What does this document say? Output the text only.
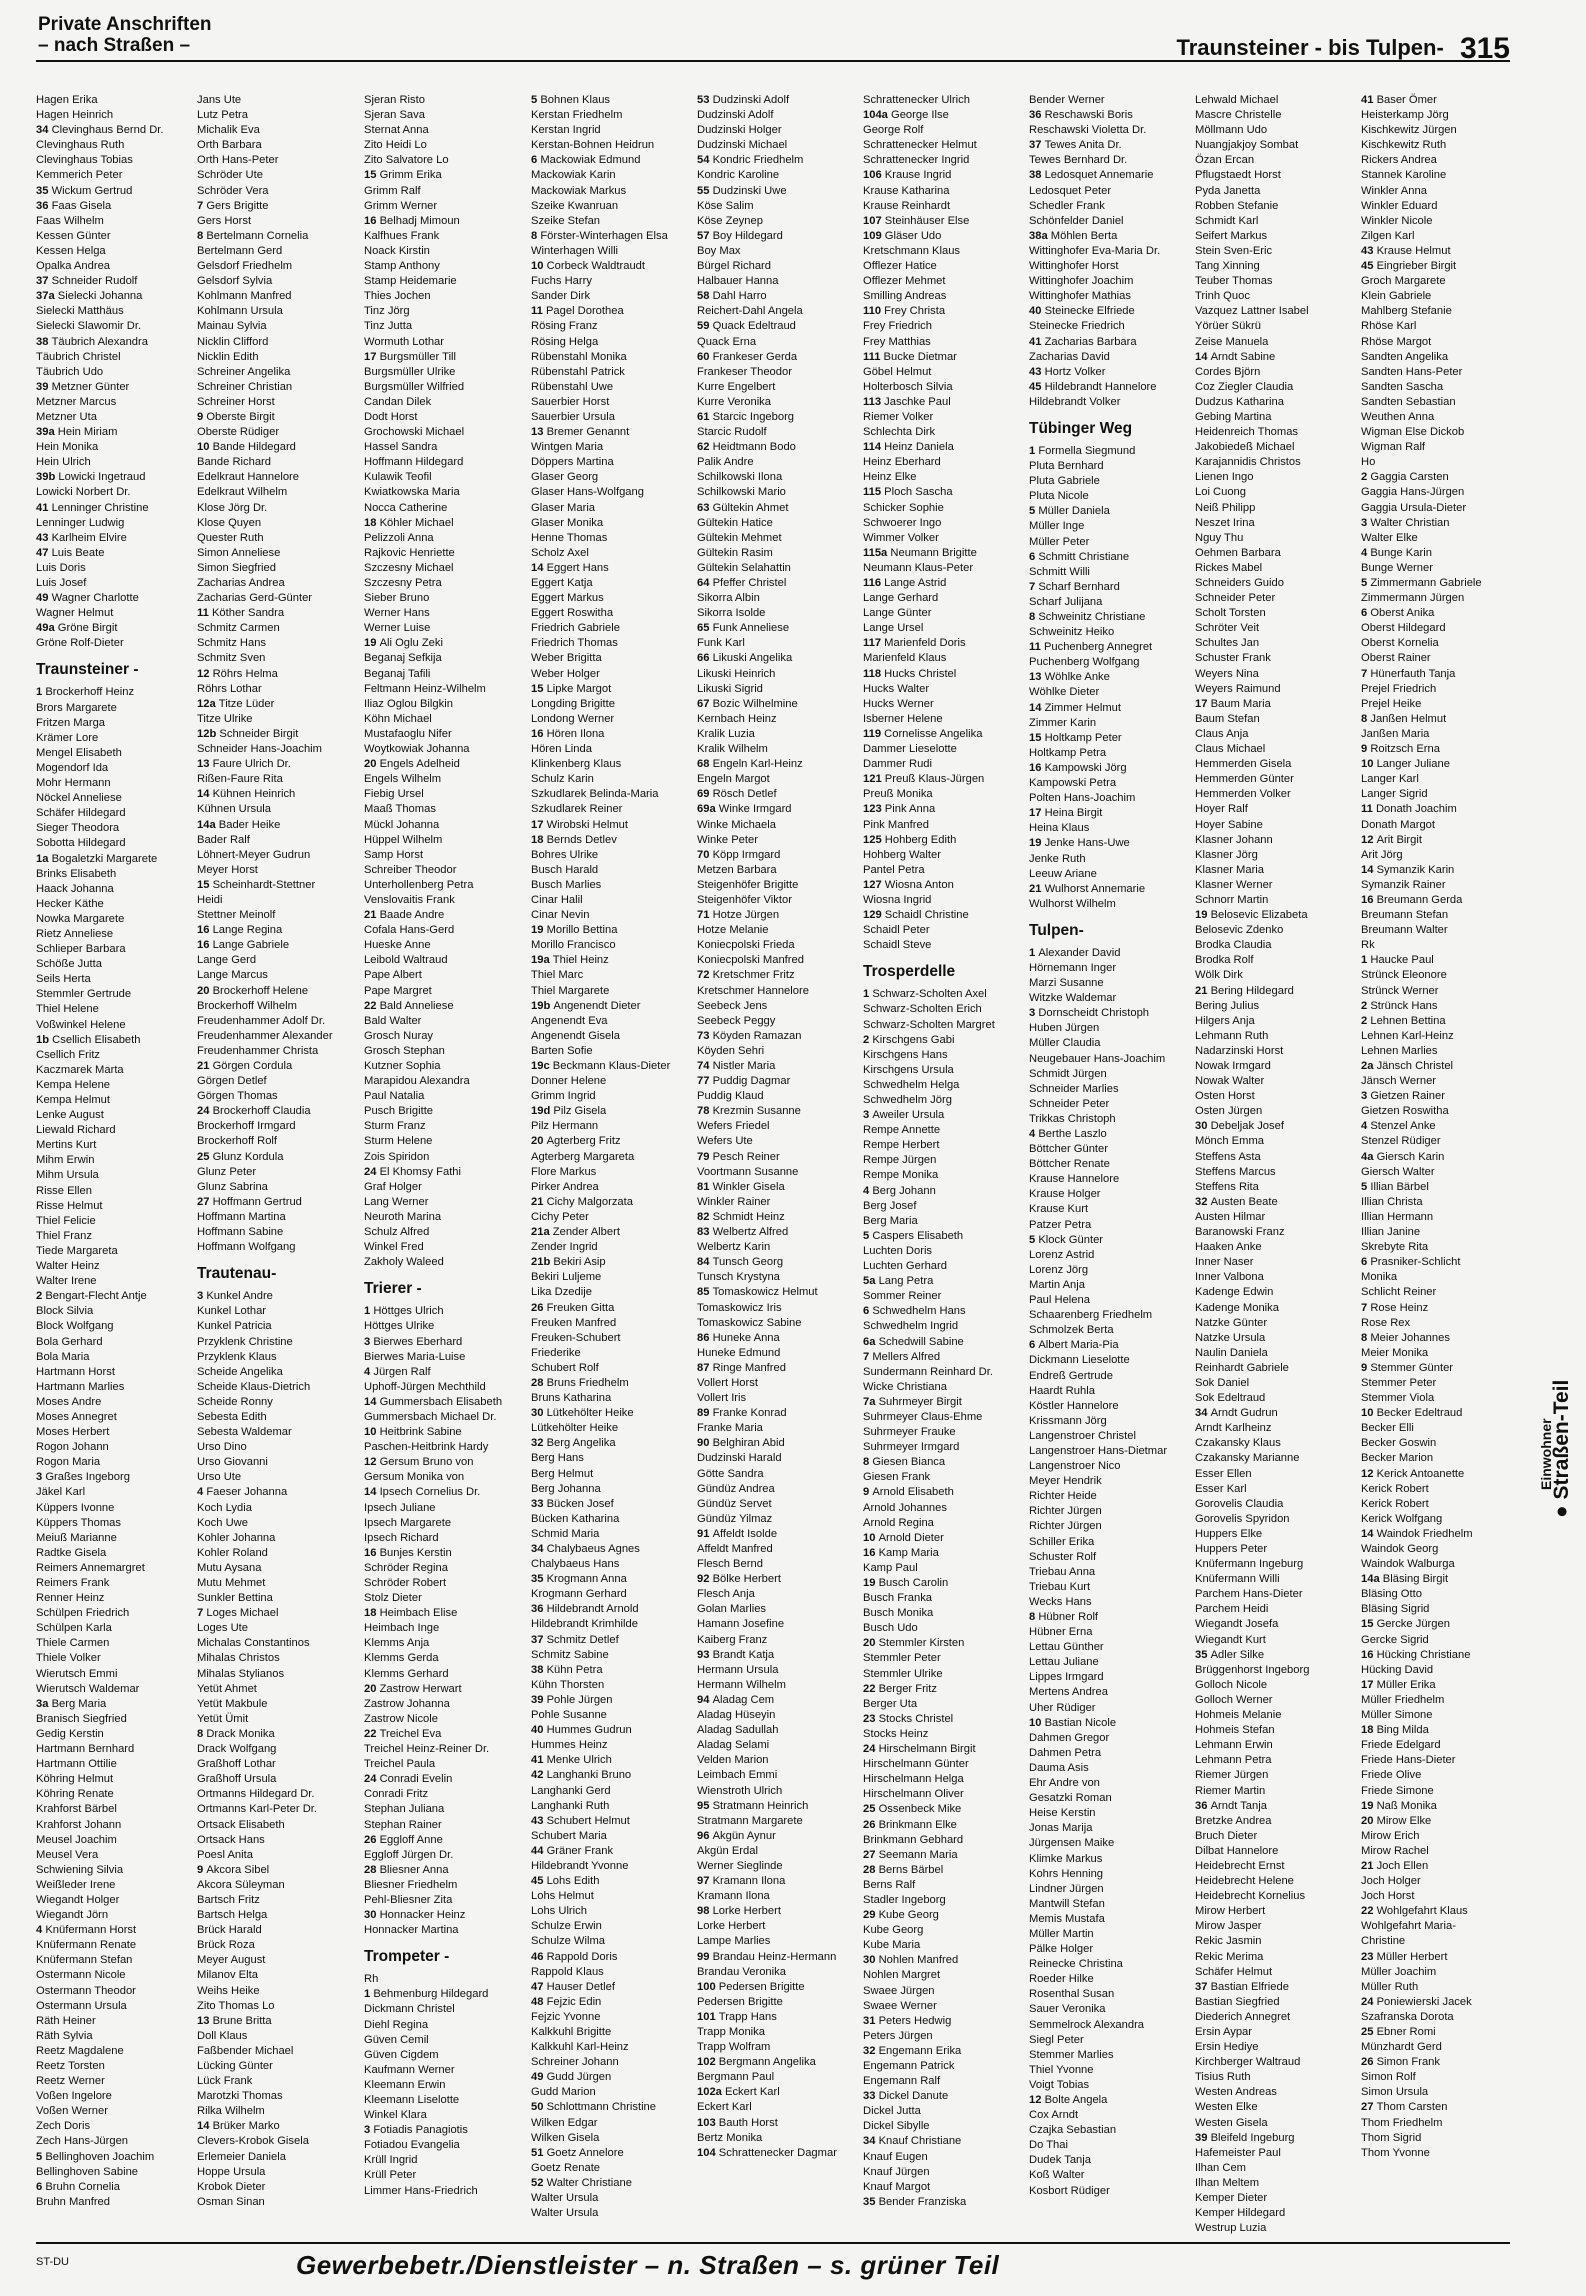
Private Anschriften
– nach Straßen –	Traunsteiner - bis Tulpen- 315
Einwohner
● Straßen-Teil
Hagen Erika
Hagen Heinrich
34 Clevinghaus Bernd Dr.
Clevinghaus Ruth
Clevinghaus Tobias
Kemmerich Peter
35 Wickum Gertrud
36 Faas Gisela
Faas Wilhelm
Kessen Günter
Kessen Helga
Opalka Andrea
37 Schneider Rudolf
37a Sielecki Johanna
Sielecki Matthäus
Sielecki Slawomir Dr.
38 Täubrich Alexandra
Täubrich Christel
Täubrich Udo
39 Metzner Günter
Metzner Marcus
Metzner Uta
39a Hein Miriam
Hein Monika
Hein Ulrich
39b Lowicki Ingetraud
Lowicki Norbert Dr.
41 Lenninger Christine
Lenninger Ludwig
43 Karlheim Elvire
47 Luis Beate
Luis Doris
Luis Josef
49 Wagner Charlotte
Wagner Helmut
49a Gröne Birgit
Gröne Rolf-Dieter
Traunsteiner -
1 Brockerhoff Heinz
Brors Margarete
Fritzen Marga
Krämer Lore
Mengel Elisabeth
Mogendorf Ida
Mohr Hermann
Nöckel Anneliese
Schäfer Hildegard
Sieger Theodora
Sobotta Hildegard
1a Bogaletzki Margarete
Brinks Elisabeth
Haack Johanna
Hecker Käthe
Nowka Margarete
Rietz Anneliese
Schlieper Barbara
Schöße Jutta
Seils Herta
Stemmler Gertrude
Thiel Helene
Voßwinkel Helene
1b Csellich Elisabeth
Csellich Fritz
Kaczmarek Marta
Kempa Helene
Kempa Helmut
Lenke August
Liewald Richard
Mertins Kurt
Mihm Erwin
Mihm Ursula
Risse Ellen
Risse Helmut
Thiel Felicie
Thiel Franz
Tiede Margareta
Walter Heinz
Walter Irene
2 Bengart-Flecht Antje
Block Silvia
Block Wolfgang
Bola Gerhard
Bola Maria
Hartmann Horst
Hartmann Marlies
Moses Andre
Moses Annegret
Moses Herbert
Rogon Johann
Rogon Maria
3 Graßes Ingeborg
Jäkel Karl
Küppers Ivonne
Küppers Thomas
Meiuß Marianne
Radtke Gisela
Reimers Annemargret
Reimers Frank
Renner Heinz
Schülpen Friedrich
Schülpen Karla
Thiele Carmen
Thiele Volker
Wierutsch Emmi
Wierutsch Waldemar
3a Berg Maria
Branisch Siegfried
Gedig Kerstin
Hartmann Bernhard
Hartmann Ottilie
Köhring Helmut
Köhring Renate
Krahforst Bärbel
Krahforst Johann
Meusel Joachim
Meusel Vera
Schwiening Silvia
Weißleder Irene
Wiegandt Holger
Wiegandt Jörn
4 Knüfermann Horst
Knüfermann Renate
Knüfermann Stefan
Ostermann Nicole
Ostermann Theodor
Ostermann Ursula
Räth Heiner
Räth Sylvia
Reetz Magdalene
Reetz Torsten
Reetz Werner
Voßen Ingelore
Voßen Werner
Zech Doris
Zech Hans-Jürgen
5 Bellinghoven Joachim
Bellinghoven Sabine
6 Bruhn Cornelia
Bruhn Manfred
Jans Ute
Lutz Petra
Michalik Eva
Orth Barbara
Orth Hans-Peter
Schröder Ute
Schröder Vera
7 Gers Brigitte
Gers Horst
8 Bertelmann Cornelia
Bertelmann Gerd
Gelsdorf Friedhelm
Gelsdorf Sylvia
Kohlmann Manfred
Kohlmann Ursula
Mainau Sylvia
Nicklin Clifford
Nicklin Edith
Schreiner Angelika
Schreiner Christian
Schreiner Horst
9 Oberste Birgit
Oberste Rüdiger
10 Bande Hildegard
Bande Richard
Edelkraut Hannelore
Edelkraut Wilhelm
Klose Jörg Dr.
Klose Quyen
Quester Ruth
Simon Anneliese
Simon Siegfried
Zacharias Andrea
Zacharias Gerd-Günter
11 Köther Sandra
Schmitz Carmen
Schmitz Hans
Schmitz Sven
12 Röhrs Helma
Röhrs Lothar
12a Titze Lüder
Titze Ulrike
12b Schneider Birgit
Schneider Hans-Joachim
13 Faure Ulrich Dr.
Rißen-Faure Rita
14 Kühnen Heinrich
Kühnen Ursula
14a Bader Heike
Bader Ralf
Löhnert-Meyer Gudrun
Meyer Horst
15 Scheinhardt-Stettner
Heidi
Stettner Meinolf
16 Lange Regina
16 Lange Gabriele
Lange Gerd
Lange Marcus
20 Brockerhoff Helene
Brockerhoff Wilhelm
Freudenhammer Adolf Dr.
Freudenhammer Alexander
Freudenhammer Christa
21 Görgen Cordula
Görgen Detlef
Görgen Thomas
24 Brockerhoff Claudia
Brockerhoff Irmgard
Brockerhoff Rolf
25 Glunz Kordula
Glunz Peter
Glunz Sabrina
27 Hoffmann Gertrud
Hoffmann Martina
Hoffmann Sabine
Hoffmann Wolfgang
Trautenau-
3 Kunkel Andre
Kunkel Lothar
Kunkel Patricia
Przyklenk Christine
Przyklenk Klaus
Scheide Angelika
Scheide Klaus-Dietrich
Scheide Ronny
Sebesta Edith
Sebesta Waldemar
Urso Dino
Urso Giovanni
Urso Ute
4 Faeser Johanna
Koch Lydia
Koch Uwe
Kohler Johanna
Kohler Roland
Mutu Aysana
Mutu Mehmet
Sunkler Bettina
7 Loges Michael
Loges Ute
Michalas Constantinos
Mihalas Christos
Mihalas Stylianos
Yetüt Ahmet
Yetüt Makbule
Yetüt Ümit
8 Drack Monika
Drack Wolfgang
Graßhoff Lothar
Graßhoff Ursula
Ortmanns Hildegard Dr.
Ortmanns Karl-Peter Dr.
Ortsack Elisabeth
Ortsack Hans
Poesl Anita
9 Akcora Sibel
Akcora Süleyman
Bartsch Fritz
Bartsch Helga
Brück Harald
Brück Roza
Meyer August
Milanov Elta
Weihs Heike
Zito Thomas Lo
13 Brune Britta
Doll Klaus
Faßbender Michael
Lücking Günter
Lück Frank
Marotzki Thomas
Rilka Wilhelm
14 Brüker Marko
Clevers-Krobok Gisela
Erlemeier Daniela
Hoppe Ursula
Krobok Dieter
Osman Sinan
Sjeran Risto
Sjeran Sava
Sternat Anna
Zito Heidi Lo
Zito Salvatore Lo
15 Grimm Erika
Grimm Ralf
Grimm Werner
16 Belhadj Mimoun
Kalfhues Frank
Noack Kirstin
Stamp Anthony
Stamp Heidemarie
Thies Jochen
Tinz Jörg
Tinz Jutta
Wormuth Lothar
17 Burgsmüller Till
Burgsmüller Ulrike
Burgsmüller Wilfried
Candan Dilek
Dodt Horst
Grochowski Michael
Hassel Sandra
Hoffmann Hildegard
Kulawik Teofil
Kwiatkowska Maria
Nocca Catherine
18 Köhler Michael
Pelizzoli Anna
Rajkovic Henriette
Szczesny Michael
Szczesny Petra
Sieber Bruno
Werner Hans
Werner Luise
19 Ali Oglu Zeki
Beganaj Sefkija
Beganaj Tafili
Feltmann Heinz-Wilhelm
Iliaz Oglou Bilgkin
Köhn Michael
Mustafaoglu Nifer
Woytkowiak Johanna
20 Engels Adelheid
Engels Wilhelm
Fiebig Ursel
Maaß Thomas
Mückl Johanna
Hüppel Wilhelm
Samp Horst
Schreiber Theodor
Unterhollenberg Petra
Venslovaitis Frank
21 Baade Andre
Cofala Hans-Gerd
Hueske Anne
Leibold Waltraud
Pape Albert
Pape Margret
22 Bald Anneliese
Bald Walter
Grosch Nuray
Grosch Stephan
Kutzner Sophia
Marapidou Alexandra
Paul Natalia
Pusch Brigitte
Sturm Franz
Sturm Helene
Zois Spiridon
24 El Khomsy Fathi
Graf Holger
Lang Werner
Neuroth Marina
Schulz Alfred
Winkel Fred
Zakholy Waleed
Trierer -
1 Höttges Ulrich
Höttges Ulrike
3 Bierwes Eberhard
Bierwes Maria-Luise
4 Jürgen Ralf
Uphoff-Jürgen Mechthild
14 Gummersbach Elisabeth
Gummersbach Michael Dr.
10 Heitbrink Sabine
Paschen-Heitbrink Hardy
12 Gersum Bruno von
Gersum Monika von
14 Ipsech Cornelius Dr.
Ipsech Juliane
Ipsech Margarete
Ipsech Richard
16 Bunjes Kerstin
Schröder Regina
Schröder Robert
Stolz Dieter
18 Heimbach Elise
Heimbach Inge
Klemms Anja
Klemms Gerda
Klemms Gerhard
20 Zastrow Herwart
Zastrow Johanna
Zastrow Nicole
22 Treichel Eva
Treichel Heinz-Reiner Dr.
Treichel Paula
24 Conradi Evelin
Conradi Fritz
Stephan Juliana
Stephan Rainer
26 Eggloff Anne
Eggloff Jürgen Dr.
28 Bliesner Anna
Bliesner Friedhelm
Pehl-Bliesner Zita
30 Honnacker Heinz
Honnacker Martina
Trompeter -
Rh
1 Behmenburg Hildegard
Dickmann Christel
Diehl Regina
Güven Cemil
Güven Cigdem
Kaufmann Werner
Kleemann Erwin
Kleemann Liselotte
Winkel Klara
3 Fotiadis Panagiotis
Fotiadou Evangelia
Krüll Ingrid
Krüll Peter
Limmer Hans-Friedrich
5 Bohnen Klaus
Kerstan Friedhelm
Kerstan Ingrid
Kerstan-Bohnen Heidrun
6 Mackowiak Edmund
Mackowiak Karin
Mackowiak Markus
Szeike Kwanruan
Szeike Stefan
8 Förster-Winterhagen Elsa
Winterhagen Willi
10 Corbeck Waldtraudt
Fuchs Harry
Sander Dirk
11 Pagel Dorothea
Rösing Franz
Rösing Helga
Rübenstahl Monika
Rübenstahl Patrick
Rübenstahl Uwe
Sauerbier Horst
Sauerbier Ursula
13 Bremer Genannt
Wintgen Maria
Döppers Martina
Glaser Georg
Glaser Hans-Wolfgang
Glaser Maria
Glaser Monika
Henne Thomas
Scholz Axel
14 Eggert Hans
Eggert Katja
Eggert Markus
Eggert Roswitha
Friedrich Gabriele
Friedrich Thomas
Weber Brigitta
Weber Holger
15 Lipke Margot
Longding Brigitte
Londong Werner
16 Hören Ilona
Hören Linda
Klinkenberg Klaus
Schulz Karin
Szkudlarek Belinda-Maria
Szkudlarek Reiner
17 Wirobski Helmut
18 Bernds Detlev
Bohres Ulrike
Busch Harald
Busch Marlies
Cinar Halil
Cinar Nevin
19 Morillo Bettina
Morillo Francisco
19a Thiel Heinz
Thiel Marc
Thiel Margarete
19b Angenendt Dieter
Angenendt Eva
Angenendt Gisela
Barten Sofie
19c Beckmann Klaus-Dieter
Donner Helene
Grimm Ingrid
19d Pilz Gisela
Pilz Hermann
20 Agterberg Fritz
Agterberg Margareta
Flore Markus
Pirker Andrea
21 Cichy Malgorzata
Cichy Peter
21a Zender Albert
Zender Ingrid
21b Bekiri Asip
Bekiri Luljeme
Lika Dzedije
26 Freuken Gitta
Freuken Manfred
Freuken-Schubert
Friederike
Schubert Rolf
28 Bruns Friedhelm
Bruns Katharina
30 Lütkehölter Heike
Lütkehölter Heike
32 Berg Angelika
Berg Hans
Berg Helmut
Berg Johanna
33 Bücken Josef
Bücken Katharina
Schmid Maria
34 Chalybaeus Agnes
Chalybaeus Hans
35 Krogmann Anna
Krogmann Gerhard
36 Hildebrandt Arnold
Hildebrandt Krimhilde
37 Schmitz Detlef
Schmitz Sabine
38 Kühn Petra
Kühn Thorsten
39 Pohle Jürgen
Pohle Susanne
40 Hummes Gudrun
Hummes Heinz
41 Menke Ulrich
42 Langhanki Bruno
Langhanki Gerd
Langhanki Ruth
43 Schubert Helmut
Schubert Maria
44 Gräner Frank
Hildebrandt Yvonne
45 Lohs Edith
Lohs Helmut
Lohs Ulrich
Schulze Erwin
Schulze Wilma
46 Rappold Doris
Rappold Klaus
47 Hauser Detlef
48 Fejzic Edin
Fejzic Yvonne
Kalkkuhl Brigitte
Kalkkuhl Karl-Heinz
Schreiner Johann
49 Gudd Jürgen
Gudd Marion
50 Schlottmann Christine
Wilken Edgar
Wilken Gisela
51 Goetz Annelore
Goetz Renate
52 Walter Christiane
Walter Ursula
Walter Ursula
53 Dudzinski Adolf
Dudzinski Adolf
Dudzinski Holger
Dudzinski Michael
54 Kondric Friedhelm
Kondric Karoline
55 Dudzinski Uwe
Köse Salim
Köse Zeynep
57 Boy Hildegard
Boy Max
Bürgel Richard
Halbauer Hanna
58 Dahl Harro
Reichert-Dahl Angela
59 Quack Edeltraud
Quack Erna
60 Frankeser Gerda
Frankeser Theodor
Kurre Engelbert
Kurre Veronika
61 Starcic Ingeborg
Starcic Rudolf
62 Heidtmann Bodo
Palik Andre
Schilkowski Ilona
Schilkowski Mario
63 Gültekin Ahmet
Gültekin Hatice
Gültekin Mehmet
Gültekin Rasim
Gültekin Selahattin
64 Pfeffer Christel
Sikorra Albin
Sikorra Isolde
65 Funk Anneliese
Funk Karl
66 Likuski Angelika
Likuski Heinrich
Likuski Sigrid
67 Bozic Wilhelmine
Kernbach Heinz
Kralik Luzia
Kralik Wilhelm
68 Engeln Karl-Heinz
Engeln Margot
69 Rösch Detlef
69a Winke Irmgard
Winke Michaela
Winke Peter
70 Köpp Irmgard
Metzen Barbara
Steigenhöfer Brigitte
Steigenhöfer Viktor
71 Hotze Jürgen
Hotze Melanie
Koniecpolski Frieda
Koniecpolski Manfred
72 Kretschmer Fritz
Kretschmer Hannelore
Seebeck Jens
Seebeck Peggy
73 Köyden Ramazan
Köyden Sehri
74 Nistler Maria
77 Puddig Dagmar
Puddig Klaud
78 Krezmin Susanne
Wefers Friedel
Wefers Ute
79 Pesch Reiner
Voortmann Susanne
81 Winkler Gisela
Winkler Rainer
82 Schmidt Heinz
83 Welbertz Alfred
Welbertz Karin
84 Tunsch Georg
Tunsch Krystyna
85 Tomaskowicz Helmut
Tomaskowicz Iris
Tomaskowicz Sabine
86 Huneke Anna
Huneke Edmund
87 Ringe Manfred
Vollert Horst
Vollert Iris
89 Franke Konrad
Franke Maria
90 Belghiran Abid
Dudzinski Harald
Götte Sandra
Gündüz Andrea
Gündüz Servet
Gündüz Yilmaz
91 Affeldt Isolde
Affeldt Manfred
Flesch Bernd
92 Bölke Herbert
Flesch Anja
Golan Marlies
Hamann Josefine
Kaiberg Franz
93 Brandt Katja
Hermann Ursula
Hermann Wilhelm
94 Aladag Cem
Aladag Hüseyin
Aladag Sadullah
Aladag Selami
Velden Marion
Leimbach Emmi
Wienstroth Ulrich
95 Stratmann Heinrich
Stratmann Margarete
96 Akgün Aynur
Akgün Erdal
Werner Sieglinde
97 Kramann Ilona
Kramann Ilona
98 Lorke Herbert
Lorke Herbert
Lampe Marlies
99 Brandau Heinz-Hermann
Brandau Veronika
100 Pedersen Brigitte
Pedersen Brigitte
101 Trapp Hans
Trapp Monika
Trapp Wolfram
102 Bergmann Angelika
Bergmann Paul
102a Eckert Karl
Eckert Karl
103 Bauth Horst
Bertz Monika
104 Schrattenecker Dagmar
Schrattenecker Ulrich
104a George Ilse
George Rolf
Schrattenecker Helmut
Schrattenecker Ingrid
106 Krause Ingrid
Krause Katharina
Krause Reinhardt
107 Steinhäuser Else
109 Gläser Udo
Kretschmann Klaus
Offlezer Hatice
Offlezer Mehmet
Smilling Andreas
110 Frey Christa
Frey Friedrich
Frey Matthias
111 Bucke Dietmar
Göbel Helmut
Holterbosch Silvia
113 Jaschke Paul
Riemer Volker
Schlechta Dirk
114 Heinz Daniela
Heinz Eberhard
Heinz Elke
115 Ploch Sascha
Schicker Sophie
Schwoerer Ingo
Wimmer Volker
115a Neumann Brigitte
Neumann Klaus-Peter
116 Lange Astrid
Lange Gerhard
Lange Günter
Lange Ursel
117 Marienfeld Doris
Marienfeld Klaus
118 Hucks Christel
Hucks Walter
Hucks Werner
Isberner Helene
119 Cornelisse Angelika
Dammer Lieselotte
Dammer Rudi
121 Preuß Klaus-Jürgen
Preuß Monika
123 Pink Anna
Pink Manfred
125 Hohberg Edith
Hohberg Walter
Pantel Petra
127 Wiosna Anton
Wiosna Ingrid
129 Schaidl Christine
Schaidl Peter
Schaidl Steve
Trosperdelle
1 Schwarz-Scholten Axel
Schwarz-Scholten Erich
Schwarz-Scholten Margret
2 Kirschgens Gabi
Kirschgens Hans
Kirschgens Ursula
Schwedhelm Helga
Schwedhelm Jörg
3 Aweiler Ursula
Rempe Annette
Rempe Herbert
Rempe Jürgen
Rempe Monika
4 Berg Johann
Berg Josef
Berg Maria
5 Caspers Elisabeth
Luchten Doris
Luchten Gerhard
5a Lang Petra
Sommer Reiner
6 Schwedhelm Hans
Schwedhelm Ingrid
6a Schedwill Sabine
7 Mellers Alfred
Sundermann Reinhard Dr.
Wicke Christiana
7a Suhrmeyer Birgit
Suhrmeyer Claus-Ehme
Suhrmeyer Frauke
Suhrmeyer Irmgard
8 Giesen Bianca
Giesen Frank
9 Arnold Elisabeth
Arnold Johannes
Arnold Regina
10 Arnold Dieter
16 Kamp Maria
Kamp Paul
19 Busch Carolin
Busch Franka
Busch Monika
Busch Udo
20 Stemmler Kirsten
Stemmler Peter
Stemmler Ulrike
22 Berger Fritz
Berger Uta
23 Stocks Christel
Stocks Heinz
24 Hirschelmann Birgit
Hirschelmann Günter
Hirschelmann Helga
Hirschelmann Oliver
25 Ossenbeck Mike
26 Brinkmann Elke
Brinkmann Gebhard
27 Seemann Maria
28 Berns Bärbel
Berns Ralf
Stadler Ingeborg
29 Kube Georg
Kube Georg
Kube Maria
30 Nohlen Manfred
Nohlen Margret
Swaee Jürgen
Swaee Werner
31 Peters Hedwig
Peters Jürgen
32 Engemann Erika
Engemann Patrick
Engemann Ralf
33 Dickel Danute
Dickel Jutta
Dickel Sibylle
34 Knauf Christiane
Knauf Eugen
Knauf Jürgen
Knauf Margot
35 Bender Franziska
Bender Werner
36 Reschawski Boris
Reschawski Violetta Dr.
37 Tewes Anita Dr.
Tewes Bernhard Dr.
38 Ledosquet Annemarie
Ledosquet Peter
Schedler Frank
Schönfelder Daniel
38a Möhlen Berta
Wittinghofer Eva-Maria Dr.
Wittinghofer Horst
Wittinghofer Joachim
Wittinghofer Mathias
40 Steinecke Elfriede
Steinecke Friedrich
41 Zacharias Barbara
Zacharias David
43 Hortz Volker
45 Hildebrandt Hannelore
Hildebrandt Volker
Tübinger Weg
1 Formella Siegmund
Pluta Bernhard
Pluta Gabriele
Pluta Nicole
5 Müller Daniela
Müller Inge
Müller Peter
6 Schmitt Christiane
Schmitt Willi
7 Scharf Bernhard
Scharf Julijana
8 Schweinitz Christiane
Schweinitz Heiko
11 Puchenberg Annegret
Puchenberg Wolfgang
13 Wöhlke Anke
Wöhlke Dieter
14 Zimmer Helmut
Zimmer Karin
15 Holtkamp Peter
Holtkamp Petra
16 Kampowski Jörg
Kampowski Petra
Polten Hans-Joachim
17 Heina Birgit
Heina Klaus
19 Jenke Hans-Uwe
Jenke Ruth
Leeuw Ariane
21 Wulhorst Annemarie
Wulhorst Wilhelm
Tulpen-
1 Alexander David
Hörnemann Inger
Marzi Susanne
Witzke Waldemar
3 Dornscheidt Christoph
Huben Jürgen
Müller Claudia
Neugebauer Hans-Joachim
Schmidt Jürgen
Schneider Marlies
Schneider Peter
Trikkas Christoph
4 Berthe Laszlo
Böttcher Günter
Böttcher Renate
Krause Hannelore
Krause Holger
Krause Kurt
Patzer Petra
5 Klock Günter
Lorenz Astrid
Lorenz Jörg
Martin Anja
Paul Helena
Schaarenberg Friedhelm
Schmolzek Berta
6 Albert Maria-Pia
Dickmann Lieselotte
Endreß Gertrude
Haardt Ruhla
Köstler Hannelore
Krissmann Jörg
Langenstroer Christel
Langenstroer Hans-Dietmar
Langenstroer Nico
Meyer Hendrik
Richter Heide
Richter Jürgen
Richter Jürgen
Schiller Erika
Schuster Rolf
Triebau Anna
Triebau Kurt
Wecks Hans
8 Hübner Rolf
Hübner Erna
Lettau Günther
Lettau Juliane
Lippes Irmgard
Mertens Andrea
Uher Rüdiger
10 Bastian Nicole
Dahmen Gregor
Dahmen Petra
Dauma Asis
Ehr Andre von
Gesatzki Roman
Heise Kerstin
Jonas Marija
Jürgensen Maike
Klimke Markus
Kohrs Henning
Lindner Jürgen
Mantwill Stefan
Memis Mustafa
Müller Martin
Pälke Holger
Reinecke Christina
Roeder Hilke
Rosenthal Susan
Sauer Veronika
Semmelrock Alexandra
Siegl Peter
Stemmer Marlies
Thiel Yvonne
Voigt Tobias
12 Bolte Angela
Cox Arndt
Czajka Sebastian
Do Thai
Dudek Tanja
Koß Walter
Kosbort Rüdiger
Lehwald Michael
Mascre Christelle
Möllmann Udo
Nuangjakjoy Sombat
Özan Ercan
Pflugstaedt Horst
Pyda Janetta
Robben Stefanie
Schmidt Karl
Seifert Markus
Stein Sven-Eric
Tang Xinning
Teuber Thomas
Trinh Quoc
Vazquez Lattner Isabel
Yörüer Sükrü
Zeise Manuela
14 Arndt Sabine
Cordes Björn
Coz Ziegler Claudia
Dudzus Katharina
Gebing Martina
Heidenreich Thomas
Jakobiedeß Michael
Karajannidis Christos
Lienen Ingo
Loi Cuong
Neiß Philipp
Neszet Irina
Nguy Thu
Oehmen Barbara
Rickes Mabel
Schneiders Guido
Schneider Peter
Scholt Torsten
Schröter Veit
Schultes Jan
Schuster Frank
Weyers Nina
Weyers Raimund
17 Baum Maria
Baum Stefan
Claus Anja
Claus Michael
Hemmerden Gisela
Hemmerden Günter
Hemmerden Volker
Hoyer Ralf
Hoyer Sabine
Klasner Johann
Klasner Jörg
Klasner Maria
Klasner Werner
Schnorr Martin
19 Belosevic Elizabeta
Belosevic Zdenko
Brodka Claudia
Brodka Rolf
Wölk Dirk
21 Bering Hildegard
Bering Julius
Hilgers Anja
Lehmann Ruth
Nadarzinski Horst
Nowak Irmgard
Nowak Walter
Osten Horst
Osten Jürgen
30 Debeljak Josef
Mönch Emma
Steffens Asta
Steffens Marcus
Steffens Rita
32 Austen Beate
Austen Hilmar
Baranowski Franz
Haaken Anke
Inner Naser
Inner Valbona
Kadenge Edwin
Kadenge Monika
Natzke Günter
Natzke Ursula
Naulin Daniela
Reinhardt Gabriele
Sok Daniel
Sok Edeltraud
34 Arndt Gudrun
Arndt Karlheinz
Czakansky Klaus
Czakansky Marianne
Esser Ellen
Esser Karl
Gorovelis Claudia
Gorovelis Spyridon
Huppers Elke
Huppers Peter
Knüfermann Ingeburg
Knüfermann Willi
Parchem Hans-Dieter
Parchem Heidi
Wiegandt Josefa
Wiegandt Kurt
35 Adler Silke
Brüggenhorst Ingeborg
Golloch Nicole
Golloch Werner
Hohmeis Melanie
Hohmeis Stefan
Lehmann Erwin
Lehmann Petra
Riemer Jürgen
Riemer Martin
36 Arndt Tanja
Bretzke Andrea
Bruch Dieter
Dilbat Hannelore
Heidebrecht Ernst
Heidebrecht Helene
Heidebrecht Kornelius
Mirow Herbert
Mirow Jasper
Rekic Jasmin
Rekic Merima
Schäfer Helmut
37 Bastian Elfriede
Bastian Siegfried
Diederich Annegret
Ersin Aypar
Ersin Hediye
Kirchberger Waltraud
Tisius Ruth
Westen Andreas
Westen Elke
Westen Gisela
39 Bleifeld Ingeburg
Hafemeister Paul
Ilhan Cem
Ilhan Meltem
Kemper Dieter
Kemper Hildegard
Westrup Luzia
41 Baser Ömer
Heisterkamp Jörg
Kischkewitz Jürgen
Kischkewitz Ruth
Rickers Andrea
Stannek Karoline
Winkler Anna
Winkler Eduard
Winkler Nicole
Zilgen Karl
43 Krause Helmut
45 Eingrieber Birgit
Groch Margarete
Klein Gabriele
Mahlberg Stefanie
Rhöse Karl
Rhöse Margot
Sandten Angelika
Sandten Hans-Peter
Sandten Sascha
Sandten Sebastian
Weuthen Anna
Wigman Else Dickob
Wigman Ralf
Ho
2 Gaggia Carsten
Gaggia Hans-Jürgen
Gaggia Ursula-Dieter
3 Walter Christian
Walter Elke
4 Bunge Karin
Bunge Werner
5 Zimmermann Gabriele
Zimmermann Jürgen
6 Oberst Anika
Oberst Hildegard
Oberst Kornelia
Oberst Rainer
7 Hünerfauth Tanja
Prejel Friedrich
Prejel Heike
8 Janßen Helmut
Janßen Maria
9 Roitzsch Erna
10 Langer Juliane
Langer Karl
Langer Sigrid
11 Donath Joachim
Donath Margot
12 Arit Birgit
Arit Jörg
14 Symanzik Karin
Symanzik Rainer
16 Breumann Gerda
Breumann Stefan
Breumann Walter
Rk
1 Haucke Paul
Strünck Eleonore
Strünck Werner
2 Strünck Hans
2 Lehnen Bettina
Lehnen Karl-Heinz
Lehnen Marlies
2a Jänsch Christel
Jänsch Werner
3 Gietzen Rainer
Gietzen Roswitha
4 Stenzel Anke
Stenzel Rüdiger
4a Giersch Karin
Giersch Walter
5 Illian Bärbel
Illian Christa
Illian Hermann
Illian Janine
Skrebyte Rita
6 Prasniker-Schlicht
Monika
Schlicht Reiner
7 Rose Heinz
Rose Rex
8 Meier Johannes
Meier Monika
9 Stemmer Günter
Stemmer Peter
Stemmer Viola
10 Becker Edeltraud
Becker Elli
Becker Goswin
Becker Marion
12 Kerick Antoanette
Kerick Robert
Kerick Robert
Kerick Wolfgang
14 Waindok Friedhelm
Waindok Georg
Waindok Walburga
14a Bläsing Birgit
Bläsing Otto
Bläsing Sigrid
15 Gercke Jürgen
Gercke Sigrid
16 Hücking Christiane
Hücking David
17 Müller Erika
Müller Friedhelm
Müller Simone
18 Bing Milda
Friede Edelgard
Friede Hans-Dieter
Friede Olive
Friede Simone
19 Naß Monika
20 Mirow Elke
Mirow Erich
Mirow Rachel
21 Joch Ellen
Joch Holger
Joch Horst
22 Wohlgefahrt Klaus
Wohlgefahrt Maria-
Christine
23 Müller Herbert
Müller Joachim
Müller Ruth
24 Poniewierski Jacek
Szafranska Dorota
25 Ebner Romi
Münzhardt Gerd
26 Simon Frank
Simon Rolf
Simon Ursula
27 Thom Carsten
Thom Friedhelm
Thom Sigrid
Thom Yvonne
ST-DU	Gewerbebetr./Dienstleister – n. Straßen – s. grüner Teil
